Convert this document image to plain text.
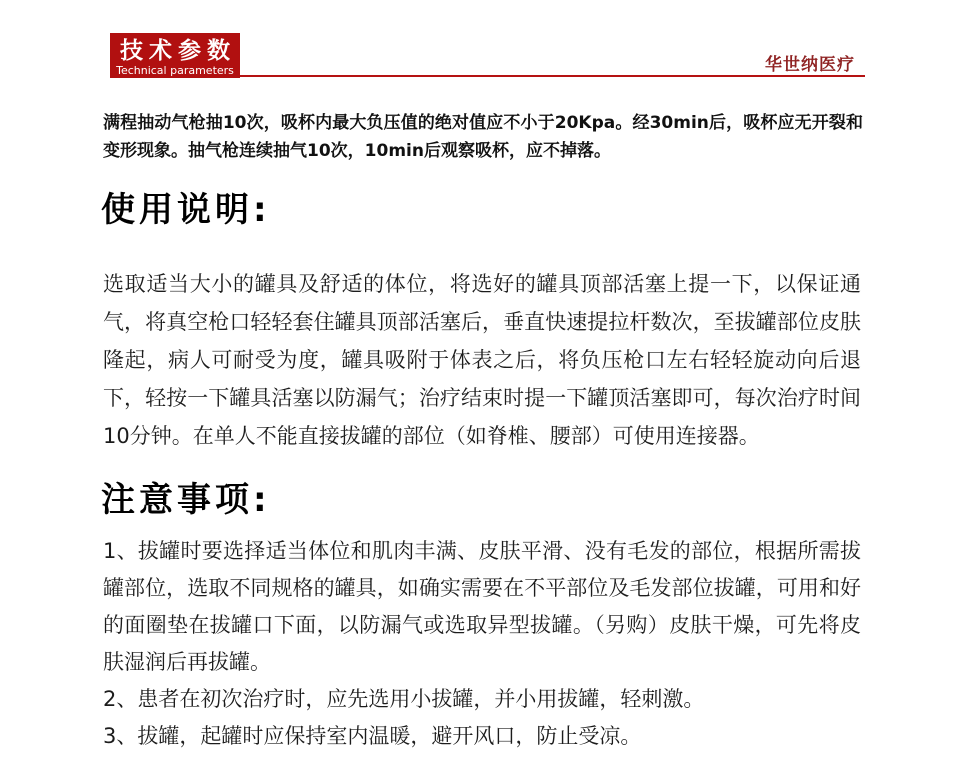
技术参数
Technical parameters	华世纳医疗

满程抽动气枪抽10次，吸杯内最大负压值的绝对值应不小于20Kpa。经30min后，吸杯应无开裂和变形现象。抽气枪连续抽气10次，10min后观察吸杯，应不掉落。

使用说明:

选取适当大小的罐具及舒适的体位，将选好的罐具顶部活塞上提一下，以保证通气，将真空枪口轻轻套住罐具顶部活塞后，垂直快速提拉杆数次，至拔罐部位皮肤隆起，病人可耐受为度，罐具吸附于体表之后，将负压枪口左右轻轻旋动向后退下，轻按一下罐具活塞以防漏气；治疗结束时提一下罐顶活塞即可，每次治疗时间10分钟。在单人不能直接拔罐的部位（如脊椎、腰部）可使用连接器。

注意事项:

1、拔罐时要选择适当体位和肌肉丰满、皮肤平滑、没有毛发的部位，根据所需拔罐部位，选取不同规格的罐具，如确实需要在不平部位及毛发部位拔罐，可用和好的面圈垫在拔罐口下面，以防漏气或选取异型拔罐。（另购）皮肤干燥，可先将皮肤湿润后再拔罐。

2、患者在初次治疗时，应先选用小拔罐，并小用拔罐，轻刺激。

3、拔罐，起罐时应保持室内温暖，避开风口，防止受凉。
